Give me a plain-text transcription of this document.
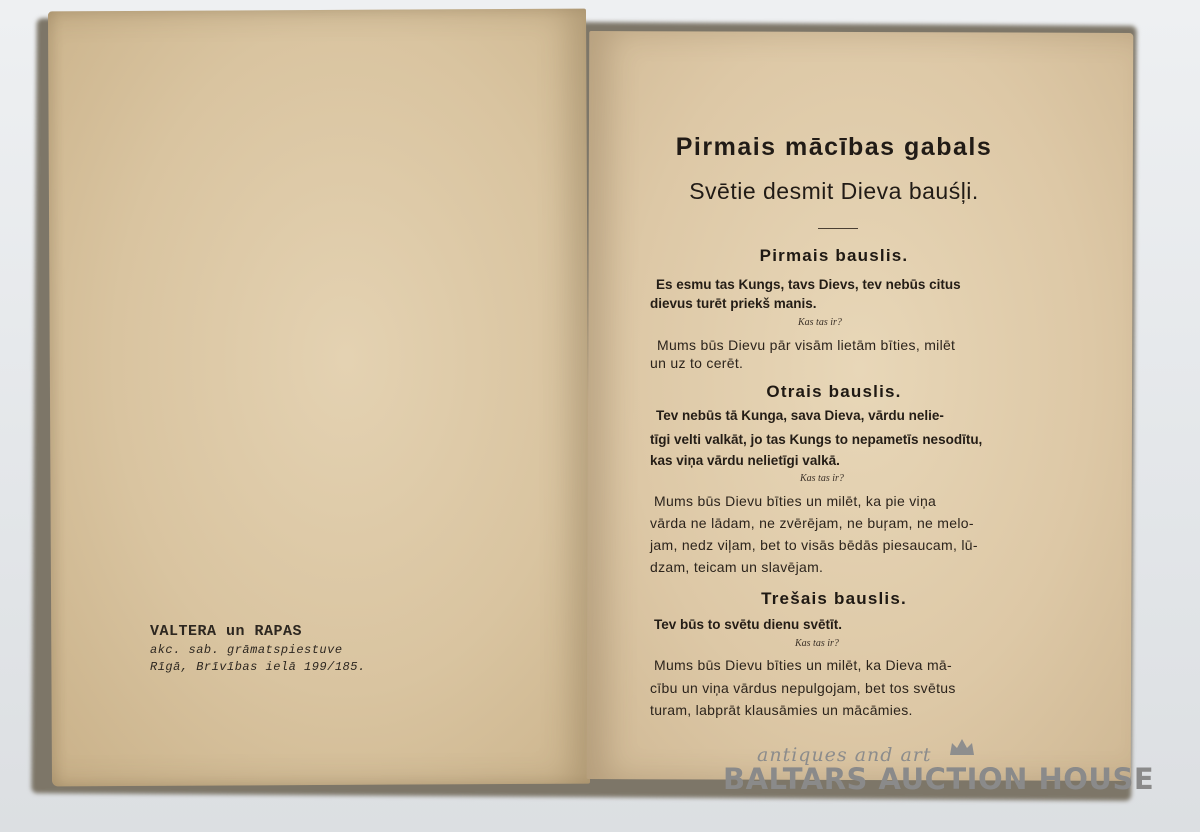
VALTERA un RAPAS
akc. sab. grāmatspiestuve
Rīgā, Brīvības ielā 199/185.
Pirmais mācības gabals
Svētie desmit Dieva bauśļi.
Pirmais bauslis.
Es esmu tas Kungs, tavs Dievs, tev nebūs citus
dievus turēt priekš manis.
Kas tas ir?
Mums būs Dievu pār visām lietām bīties, milēt
un uz to cerēt.
Otrais bauslis.
Tev nebūs tā Kunga, sava Dieva, vārdu nelie-
tīgi velti valkāt, jo tas Kungs to nepametīs nesodītu,
kas viņa vārdu nelietīgi valkā.
Kas tas ir?
Mums būs Dievu bīties un milēt, ka pie viņa
vārda ne lādam, ne zvērējam, ne buŗam, ne melo-
jam, nedz viļam, bet to visās bēdās piesaucam, lū-
dzam, teicam un slavējam.
Trešais bauslis.
Tev būs to svētu dienu svētīt.
Kas tas ir?
Mums būs Dievu bīties un milēt, ka Dieva mā-
cību un viņa vārdus nepulgojam, bet tos svētus
turam, labprāt klausāmies un mācāmies.
antiques and art
BALTARS AUCTION HOUSE
